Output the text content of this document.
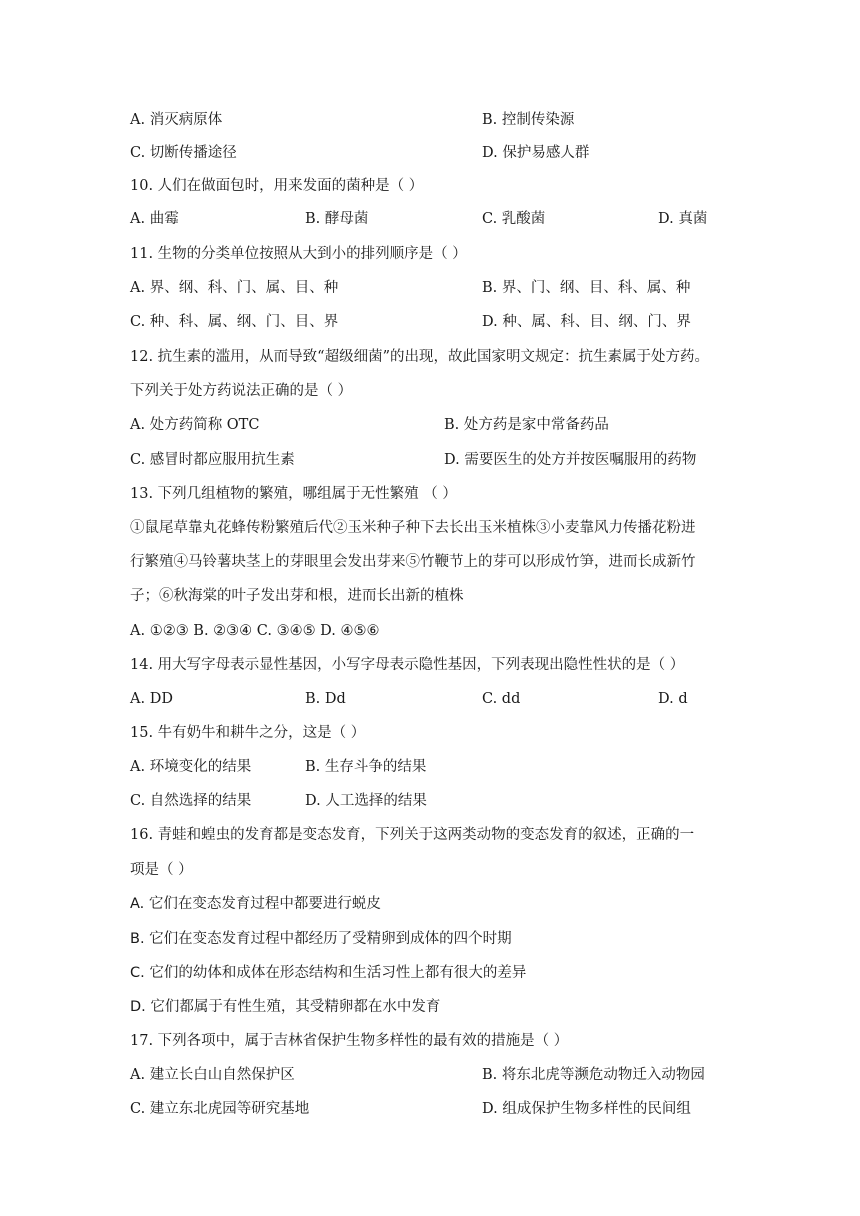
A. 消灭病原体	B. 控制传染源
C. 切断传播途径	D. 保护易感人群
10. 人们在做面包时，用来发面的菌种是（ ）
A. 曲霉	B. 酵母菌	C. 乳酸菌	D. 真菌
11. 生物的分类单位按照从大到小的排列顺序是（ ）
A. 界、纲、科、门、属、目、种	B. 界、门、纲、目、科、属、种
C. 种、科、属、纲、门、目、界	D. 种、属、科、目、纲、门、界
12. 抗生素的滥用，从而导致“超级细菌”的出现，故此国家明文规定：抗生素属于处方药。
下列关于处方药说法正确的是（ ）
A. 处方药简称 OTC	B. 处方药是家中常备药品
C. 感冒时都应服用抗生素	D. 需要医生的处方并按医嘱服用的药物
13. 下列几组植物的繁殖，哪组属于无性繁殖 （ ）
①鼠尾草靠丸花蜂传粉繁殖后代②玉米种子种下去长出玉米植株③小麦靠风力传播花粉进
行繁殖④马铃薯块茎上的芽眼里会发出芽来⑤竹鞭节上的芽可以形成竹笋，进而长成新竹
子；⑥秋海棠的叶子发出芽和根，进而长出新的植株
A. ①②③ B. ②③④ C. ③④⑤ D. ④⑤⑥
14. 用大写字母表示显性基因，小写字母表示隐性基因，下列表现出隐性性状的是（ ）
A. DD	B. Dd	C. dd	D. d
15. 牛有奶牛和耕牛之分，这是（ ）
A. 环境变化的结果	B. 生存斗争的结果
C. 自然选择的结果	D. 人工选择的结果
16. 青蛙和蝗虫的发育都是变态发育，下列关于这两类动物的变态发育的叙述，正确的一
项是（ ）
A. 它们在变态发育过程中都要进行蜕皮
B. 它们在变态发育过程中都经历了受精卵到成体的四个时期
C. 它们的幼体和成体在形态结构和生活习性上都有很大的差异
D. 它们都属于有性生殖，其受精卵都在水中发育
17. 下列各项中，属于吉林省保护生物多样性的最有效的措施是（ ）
A. 建立长白山自然保护区	B. 将东北虎等濒危动物迁入动物园
C. 建立东北虎园等研究基地	D. 组成保护生物多样性的民间组
